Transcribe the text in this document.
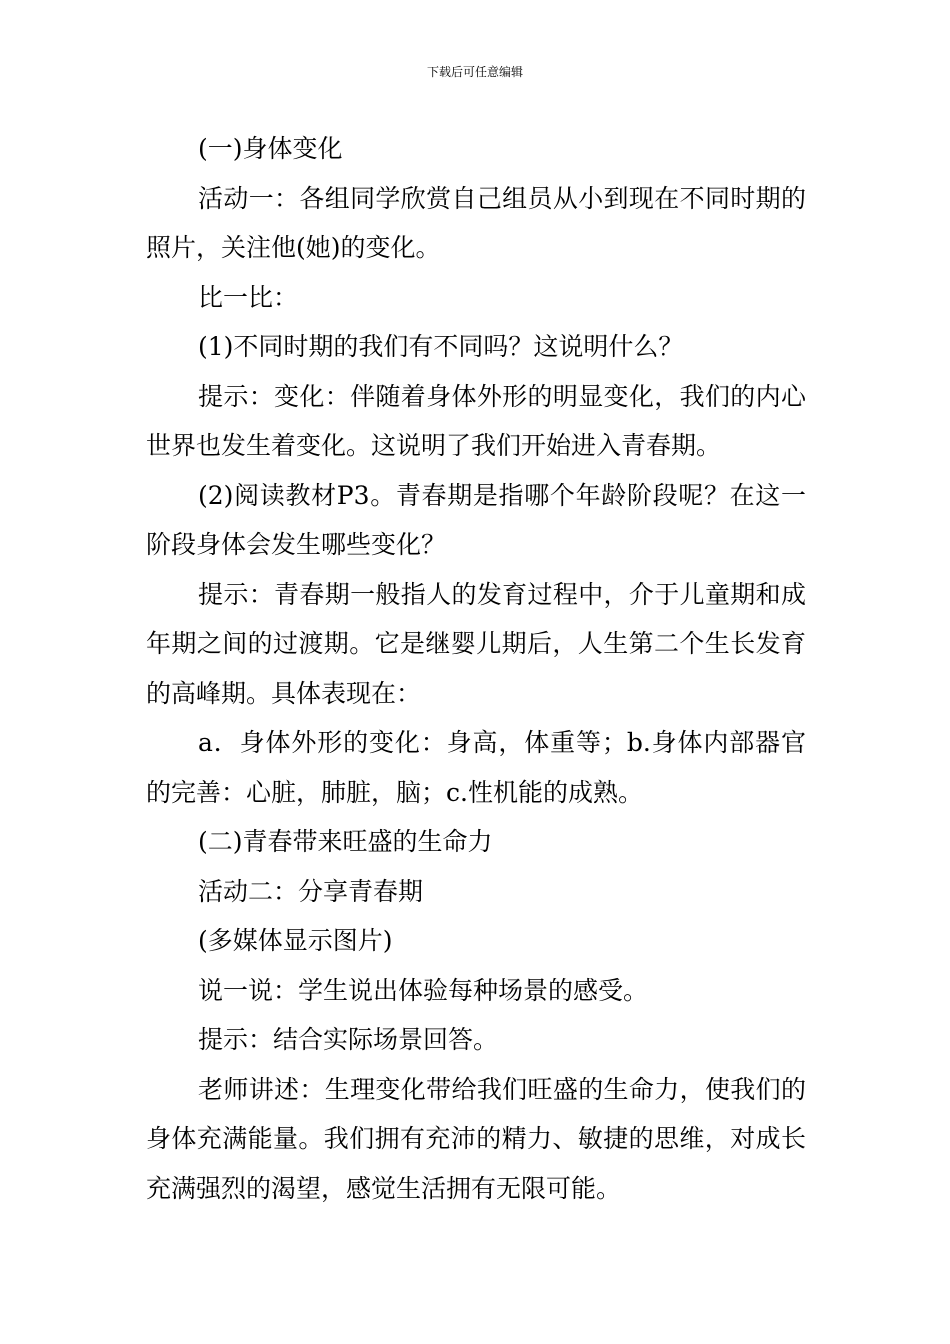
下载后可任意编辑

(一)身体变化

活动一：各组同学欣赏自己组员从小到现在不同时期的照片，关注他(她)的变化。

比一比：

(1)不同时期的我们有不同吗？这说明什么？

提示：变化：伴随着身体外形的明显变化，我们的内心世界也发生着变化。这说明了我们开始进入青春期。

(2)阅读教材P3。青春期是指哪个年龄阶段呢？在这一阶段身体会发生哪些变化？

提示：青春期一般指人的发育过程中，介于儿童期和成年期之间的过渡期。它是继婴儿期后，人生第二个生长发育的高峰期。具体表现在：

a．身体外形的变化：身高，体重等；b.身体内部器官的完善：心脏，肺脏，脑；c.性机能的成熟。

(二)青春带来旺盛的生命力

活动二：分享青春期

(多媒体显示图片)

说一说：学生说出体验每种场景的感受。

提示：结合实际场景回答。

老师讲述：生理变化带给我们旺盛的生命力，使我们的身体充满能量。我们拥有充沛的精力、敏捷的思维，对成长充满强烈的渴望，感觉生活拥有无限可能。
